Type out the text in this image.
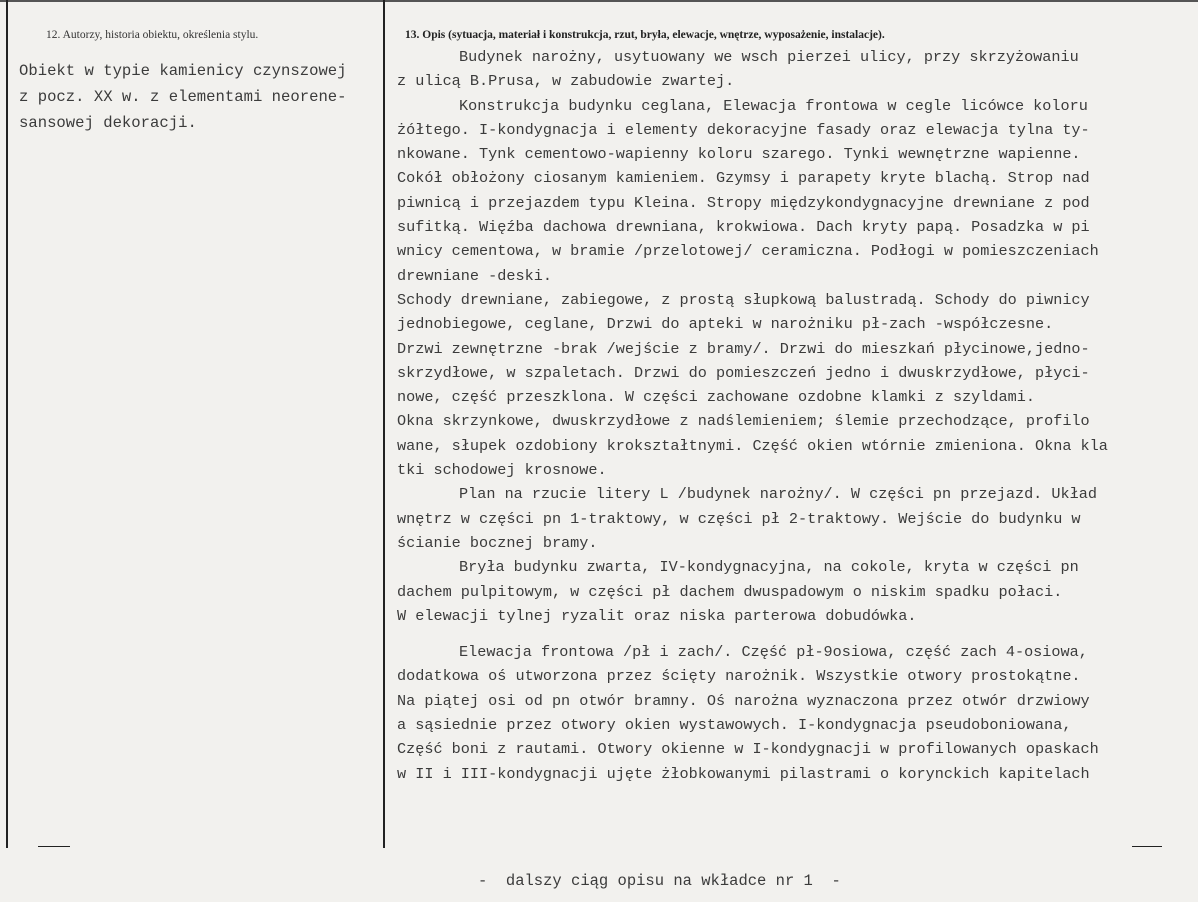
12. Autorzy, historia obiektu, określenia stylu.	13. Opis (sytuacja, materiał i konstrukcja, rzut, bryła, elewacje, wnętrze, wyposażenie, instalacje).
Obiekt w typie kamienicy czynszowej
z pocz. XX w. z elementami neorene-
sansowej dekoracji.
Budynek narożny, usytuowany we wsch pierzei ulicy, przy skrzyżowaniu
z ulicą B.Prusa, w zabudowie zwartej.
Konstrukcja budynku ceglana, Elewacja frontowa w cegle licówce koloru
żółtego. I-kondygnacja i elementy dekoracyjne fasady oraz elewacja tylna ty-
nkowane. Tynk cementowo-wapienny koloru szarego. Tynki wewnętrzne wapienne.
Cokół obłożony ciosanym kamieniem. Gzymsy i parapety kryte blachą. Strop nad
piwnicą i przejazdem typu Kleina. Stropy międzykondygnacyjne drewniane z pod
sufitką. Więźba dachowa drewniana, krokwiowa. Dach kryty papą. Posadzka w pi
wnicy cementowa, w bramie /przelotowej/ ceramiczna. Podłogi w pomieszczeniach
drewniane -deski.
Schody drewniane, zabiegowe, z prostą słupkową balustradą. Schody do piwnicy
jednobiegowe, ceglane, Drzwi do apteki w narożniku pł-zach -współczesne.
Drzwi zewnętrzne -brak /wejście z bramy/. Drzwi do mieszkań płycinowe,jedno-
skrzydłowe, w szpaletach. Drzwi do pomieszczeń jedno i dwuskrzydłowe, płyci-
nowe, część przeszklona. W części zachowane ozdobne klamki z szyldami.
Okna skrzynkowe, dwuskrzydłowe z nadślemieniem; ślemie przechodzące, profilo
wane, słupek ozdobiony krokształtnymi. Część okien wtórnie zmieniona. Okna kla
tki schodowej krosnowe.
Plan na rzucie litery L /budynek narożny/. W części pn przejazd. Układ
wnętrz w części pn 1-traktowy, w części pł 2-traktowy. Wejście do budynku w
ścianie bocznej bramy.
Bryła budynku zwarta, IV-kondygnacyjna, na cokole, kryta w części pn
dachem pulpitowym, w części pł dachem dwuspadowym o niskim spadku połaci.
W elewacji tylnej ryzalit oraz niska parterowa dobudówka.
Elewacja frontowa /pł i zach/. Część pł-9osiowa, część zach 4-osiowa,
dodatkowa oś utworzona przez ścięty narożnik. Wszystkie otwory prostokątne.
Na piątej osi od pn otwór bramny. Oś narożna wyznaczona przez otwór drzwiowy
a sąsiednie przez otwory okien wystawowych. I-kondygnacja pseudoboniowana,
Część boni z rautami. Otwory okienne w I-kondygnacji w profilowanych opaskach
w II i III-kondygnacji ujęte żłobkowanymi pilastrami o korynckich kapitelach
-  dalszy ciąg opisu na wkładce nr 1  -
